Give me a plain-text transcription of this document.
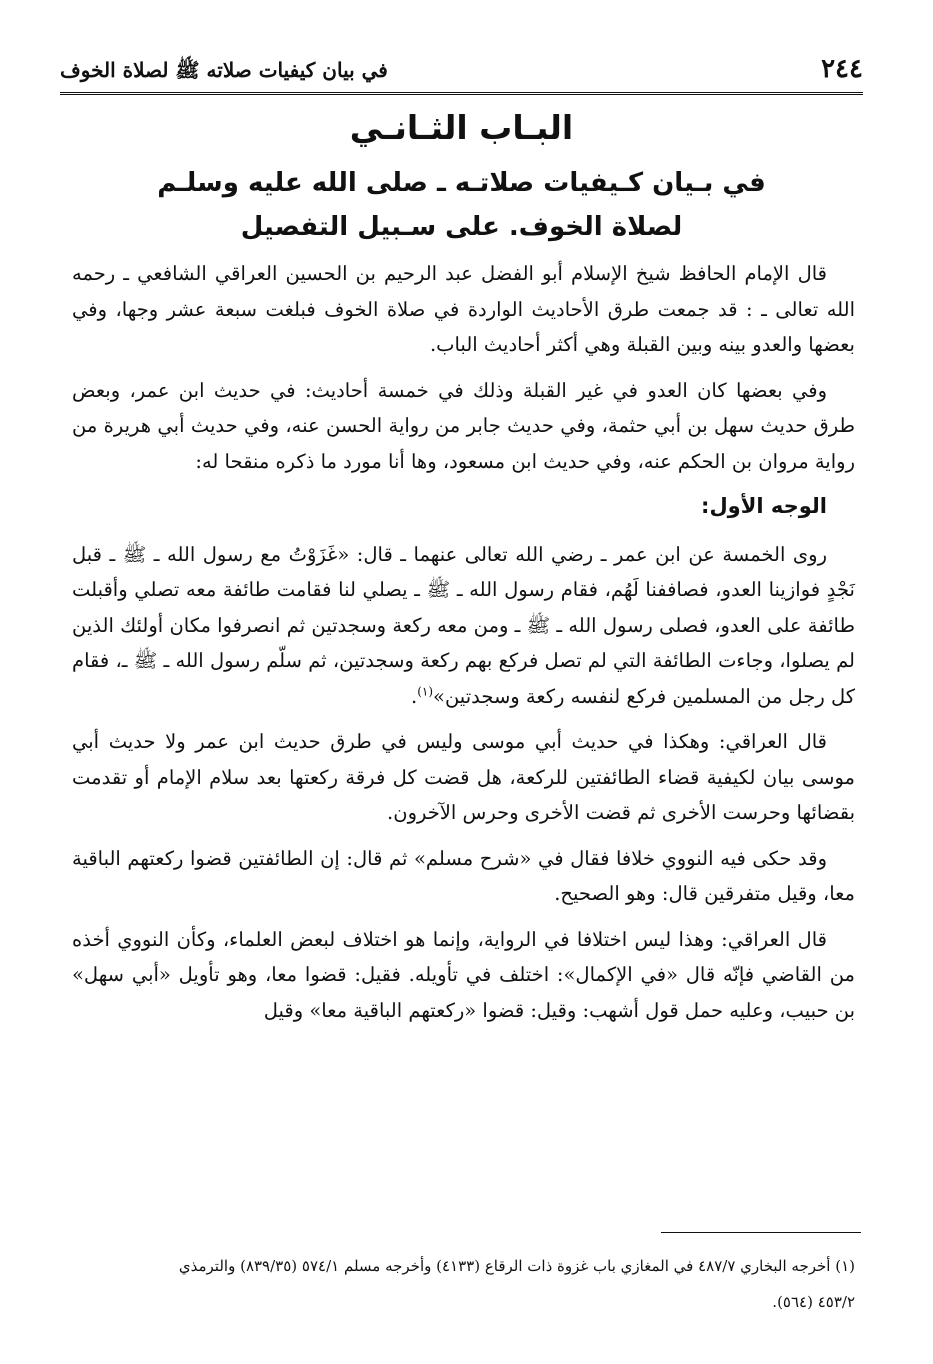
٢٤٤
في بيان كيفيات صلاته ﷺ لصلاة الخوف
البـاب الثـانـي
في بـيان كـيفيات صلاتـه ـ صلى الله عليه وسلـم
لصلاة الخوف. على سـبيل التفصيل

قال الإمام الحافظ شيخ الإسلام أبو الفضل عبد الرحيم بن الحسين العراقي الشافعي ـ رحمه الله تعالى ـ : قد جمعت طرق الأحاديث الواردة في صلاة الخوف فبلغت سبعة عشر وجها، وفي بعضها والعدو بينه وبين القبلة وهي أكثر أحاديث الباب.

وفي بعضها كان العدو في غير القبلة وذلك في خمسة أحاديث: في حديث ابن عمر، وبعض طرق حديث سهل بن أبي حثمة، وفي حديث جابر من رواية الحسن عنه، وفي حديث أبي هريرة من رواية مروان بن الحكم عنه، وفي حديث ابن مسعود، وها أنا مورد ما ذكره منقحا له:

الوجه الأول:

روى الخمسة عن ابن عمر ـ رضي الله تعالى عنهما ـ قال: «غَزَوْتُ مع رسول الله ـ ﷺ ـ قبل نَجْدٍ فوازينا العدو، فصاففنا لَهُم، فقام رسول الله ـ ﷺ ـ يصلي لنا فقامت طائفة معه تصلي وأقبلت طائفة على العدو، فصلى رسول الله ـ ﷺ ـ ومن معه ركعة وسجدتين ثم انصرفوا مكان أولئك الذين لم يصلوا، وجاءت الطائفة التي لم تصل فركع بهم ركعة وسجدتين، ثم سلّم رسول الله ـ ﷺ ـ، فقام كل رجل من المسلمين فركع لنفسه ركعة وسجدتين»$^{(١)}$.

قال العراقي: وهكذا في حديث أبي موسى وليس في طرق حديث ابن عمر ولا حديث أبي موسى بيان لكيفية قضاء الطائفتين للركعة، هل قضت كل فرقة ركعتها بعد سلام الإمام أو تقدمت بقضائها وحرست الأخرى ثم قضت الأخرى وحرس الآخرون.

وقد حكى فيه النووي خلافا فقال في «شرح مسلم» ثم قال: إن الطائفتين قضوا ركعتهم الباقية معا، وقيل متفرقين قال: وهو الصحيح.

قال العراقي: وهذا ليس اختلافا في الرواية، وإنما هو اختلاف لبعض العلماء، وكأن النووي أخذه من القاضي فإنّه قال «في الإكمال»: اختلف في تأويله. فقيل: قضوا معا، وهو تأويل «أبي سهل» بن حبيب، وعليه حمل قول أشهب: وقيل: قضوا «ركعتهم الباقية معا» وقيل

(١) أخرجه البخاري ٤٨٧/٧ في المغازي باب غزوة ذات الرقاع (٤١٣٣) وأخرجه مسلم ٥٧٤/١ (٨٣٩/٣٥) والترمذي

٤٥٣/٢ (٥٦٤).
